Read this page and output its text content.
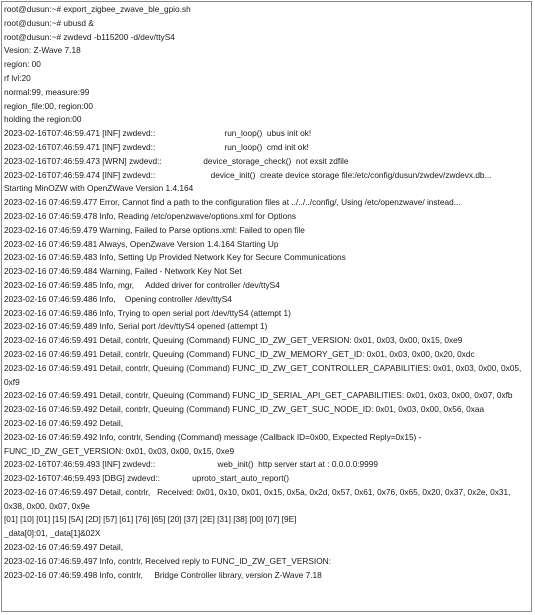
root@dusun:~# export_zigbee_zwave_ble_gpio.sh
root@dusun:~# ubusd &
root@dusun:~# zwdevd -b115200 -d/dev/ttyS4
Vesion: Z-Wave 7.18
region: 00
rf lvl:20
normal:99, measure:99
region_file:00, region:00
holding the region:00
2023-02-16T07:46:59.471 [INF] zwdevd::                              run_loop()  ubus init ok!
2023-02-16T07:46:59.471 [INF] zwdevd::                              run_loop()  cmd init ok!
2023-02-16T07:46:59.473 [WRN] zwdevd::                  device_storage_check()  not exsit zdfile
2023-02-16T07:46:59.474 [INF] zwdevd::                        device_init()  create device storage file:/etc/config/dusun/zwdev/zwdevx.db...
Starting MinOZW with OpenZWave Version 1.4.164
2023-02-16 07:46:59.477 Error, Cannot find a path to the configuration files at ../../../config/, Using /etc/openzwave/ instead...
2023-02-16 07:46:59.478 Info, Reading /etc/openzwave/options.xml for Options
2023-02-16 07:46:59.479 Warning, Failed to Parse options.xml: Failed to open file
2023-02-16 07:46:59.481 Always, OpenZwave Version 1.4.164 Starting Up
2023-02-16 07:46:59.483 Info, Setting Up Provided Network Key for Secure Communications
2023-02-16 07:46:59.484 Warning, Failed - Network Key Not Set
2023-02-16 07:46:59.485 Info, mgr,     Added driver for controller /dev/ttyS4
2023-02-16 07:46:59.486 Info,    Opening controller /dev/ttyS4
2023-02-16 07:46:59.486 Info, Trying to open serial port /dev/ttyS4 (attempt 1)
2023-02-16 07:46:59.489 Info, Serial port /dev/ttyS4 opened (attempt 1)
2023-02-16 07:46:59.491 Detail, contrlr, Queuing (Command) FUNC_ID_ZW_GET_VERSION: 0x01, 0x03, 0x00, 0x15, 0xe9
2023-02-16 07:46:59.491 Detail, contrlr, Queuing (Command) FUNC_ID_ZW_MEMORY_GET_ID: 0x01, 0x03, 0x00, 0x20, 0xdc
2023-02-16 07:46:59.491 Detail, contrlr, Queuing (Command) FUNC_ID_ZW_GET_CONTROLLER_CAPABILITIES: 0x01, 0x03, 0x00, 0x05,
0xf9
2023-02-16 07:46:59.491 Detail, contrlr, Queuing (Command) FUNC_ID_SERIAL_API_GET_CAPABILITIES: 0x01, 0x03, 0x00, 0x07, 0xfb
2023-02-16 07:46:59.492 Detail, contrlr, Queuing (Command) FUNC_ID_ZW_GET_SUC_NODE_ID: 0x01, 0x03, 0x00, 0x56, 0xaa
2023-02-16 07:46:59.492 Detail,
2023-02-16 07:46:59.492 Info, contrlr, Sending (Command) message (Callback ID=0x00, Expected Reply=0x15) -
FUNC_ID_ZW_GET_VERSION: 0x01, 0x03, 0x00, 0x15, 0xe9
2023-02-16T07:46:59.493 [INF] zwdevd::                           web_init()  http server start at : 0.0.0.0:9999
2023-02-16T07:46:59.493 [DBG] zwdevd::              uproto_start_auto_report()
2023-02-16 07:46:59.497 Detail, contrlr,   Received: 0x01, 0x10, 0x01, 0x15, 0x5a, 0x2d, 0x57, 0x61, 0x76, 0x65, 0x20, 0x37, 0x2e, 0x31,
0x38, 0x00, 0x07, 0x9e
[01] [10] [01] [15] [5A] [2D] [57] [61] [76] [65] [20] [37] [2E] [31] [38] [00] [07] [9E]
_data[0]:01, _data[1]&02X
2023-02-16 07:46:59.497 Detail,
2023-02-16 07:46:59.497 Info, contrlr, Received reply to FUNC_ID_ZW_GET_VERSION:
2023-02-16 07:46:59.498 Info, contrlr,     Bridge Controller library, version Z-Wave 7.18
